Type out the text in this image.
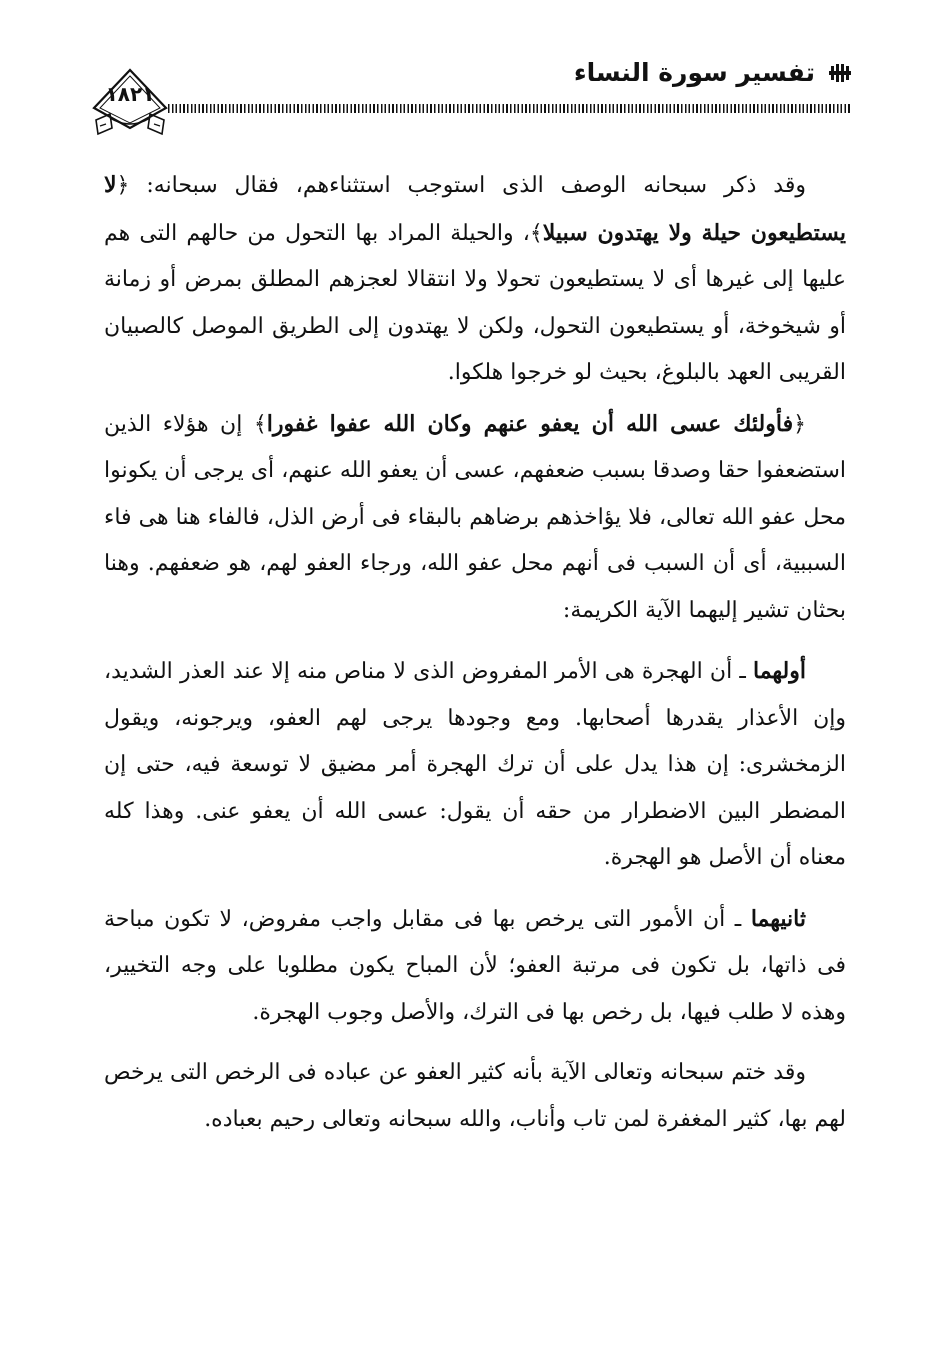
تفسير سورة النساء
١٨٢١

وقد ذكر سبحانه الوصف الذى استوجب استثناءهم، فقال سبحانه: ﴿لا يستطيعون حيلة ولا يهتدون سبيلا﴾، والحيلة المراد بها التحول من حالهم التى هم عليها إلى غيرها أى لا يستطيعون تحولا ولا انتقالا لعجزهم المطلق بمرض أو زمانة أو شيخوخة، أو يستطيعون التحول، ولكن لا يهتدون إلى الطريق الموصل كالصبيان القريبى العهد بالبلوغ، بحيث لو خرجوا هلكوا.

﴿فأولئك عسى الله أن يعفو عنهم وكان الله عفوا غفورا﴾ إن هؤلاء الذين استضعفوا حقا وصدقا بسبب ضعفهم، عسى أن يعفو الله عنهم، أى يرجى أن يكونوا محل عفو الله تعالى، فلا يؤاخذهم برضاهم بالبقاء فى أرض الذل، فالفاء هنا هى فاء السببية، أى أن السبب فى أنهم محل عفو الله، ورجاء العفو لهم، هو ضعفهم. وهنا بحثان تشير إليهما الآية الكريمة:

أولهما ـ أن الهجرة هى الأمر المفروض الذى لا مناص منه إلا عند العذر الشديد، وإن الأعذار يقدرها أصحابها. ومع وجودها يرجى لهم العفو، ويرجونه، ويقول الزمخشرى: إن هذا يدل على أن ترك الهجرة أمر مضيق لا توسعة فيه، حتى إن المضطر البين الاضطرار من حقه أن يقول: عسى الله أن يعفو عنى. وهذا كله معناه أن الأصل هو الهجرة.

ثانيهما ـ أن الأمور التى يرخص بها فى مقابل واجب مفروض، لا تكون مباحة فى ذاتها، بل تكون فى مرتبة العفو؛ لأن المباح يكون مطلوبا على وجه التخيير، وهذه لا طلب فيها، بل رخص بها فى الترك، والأصل وجوب الهجرة.

وقد ختم سبحانه وتعالى الآية بأنه كثير العفو عن عباده فى الرخص التى يرخص لهم بها، كثير المغفرة لمن تاب وأناب، والله سبحانه وتعالى رحيم بعباده.
